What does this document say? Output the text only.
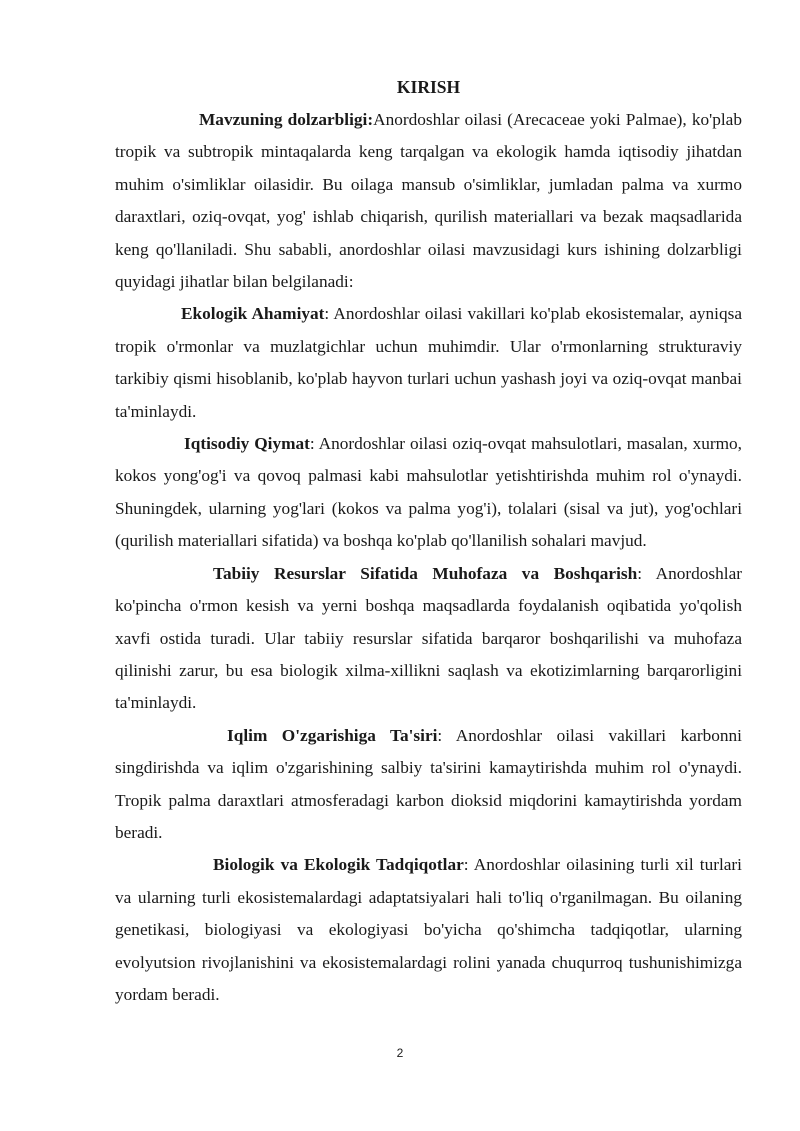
KIRISH

Mavzuning dolzarbligi:Anordoshlar oilasi (Arecaceae yoki Palmae), ko'plab tropik va subtropik mintaqalarda keng tarqalgan va ekologik hamda iqtisodiy jihatdan muhim o'simliklar oilasidir. Bu oilaga mansub o'simliklar, jumladan palma va xurmo daraxtlari, oziq-ovqat, yog' ishlab chiqarish, qurilish materiallari va bezak maqsadlarida keng qo'llaniladi. Shu sababli, anordoshlar oilasi mavzusidagi kurs ishining dolzarbligi quyidagi jihatlar bilan belgilanadi:

Ekologik Ahamiyat: Anordoshlar oilasi vakillari ko'plab ekosistemalar, ayniqsa tropik o'rmonlar va muzlatgichlar uchun muhimdir. Ular o'rmonlarning strukturaviy tarkibiy qismi hisoblanib, ko'plab hayvon turlari uchun yashash joyi va oziq-ovqat manbai ta'minlaydi.

Iqtisodiy Qiymat: Anordoshlar oilasi oziq-ovqat mahsulotlari, masalan, xurmo, kokos yong'og'i va qovoq palmasi kabi mahsulotlar yetishtirishda muhim rol o'ynaydi. Shuningdek, ularning yog'lari (kokos va palma yog'i), tolalari (sisal va jut), yog'ochlari (qurilish materiallari sifatida) va boshqa ko'plab qo'llanilish sohalari mavjud.

Tabiiy Resurslar Sifatida Muhofaza va Boshqarish: Anordoshlar ko'pincha o'rmon kesish va yerni boshqa maqsadlarda foydalanish oqibatida yo'qolish xavfi ostida turadi. Ular tabiiy resurslar sifatida barqaror boshqarilishi va muhofaza qilinishi zarur, bu esa biologik xilma-xillikni saqlash va ekotizimlarning barqarorligini ta'minlaydi.

Iqlim O'zgarishiga Ta'siri: Anordoshlar oilasi vakillari karbonni singdirishda va iqlim o'zgarishining salbiy ta'sirini kamaytirishda muhim rol o'ynaydi. Tropik palma daraxtlari atmosferadagi karbon dioksid miqdorini kamaytirishda yordam beradi.

Biologik va Ekologik Tadqiqotlar: Anordoshlar oilasining turli xil turlari va ularning turli ekosistemalardagi adaptatsiyalari hali to'liq o'rganilmagan. Bu oilaning genetikasi, biologiyasi va ekologiyasi bo'yicha qo'shimcha tadqiqotlar, ularning evolyutsion rivojlanishini va ekosistemalardagi rolini yanada chuqurroq tushunishimizga yordam beradi.

2
